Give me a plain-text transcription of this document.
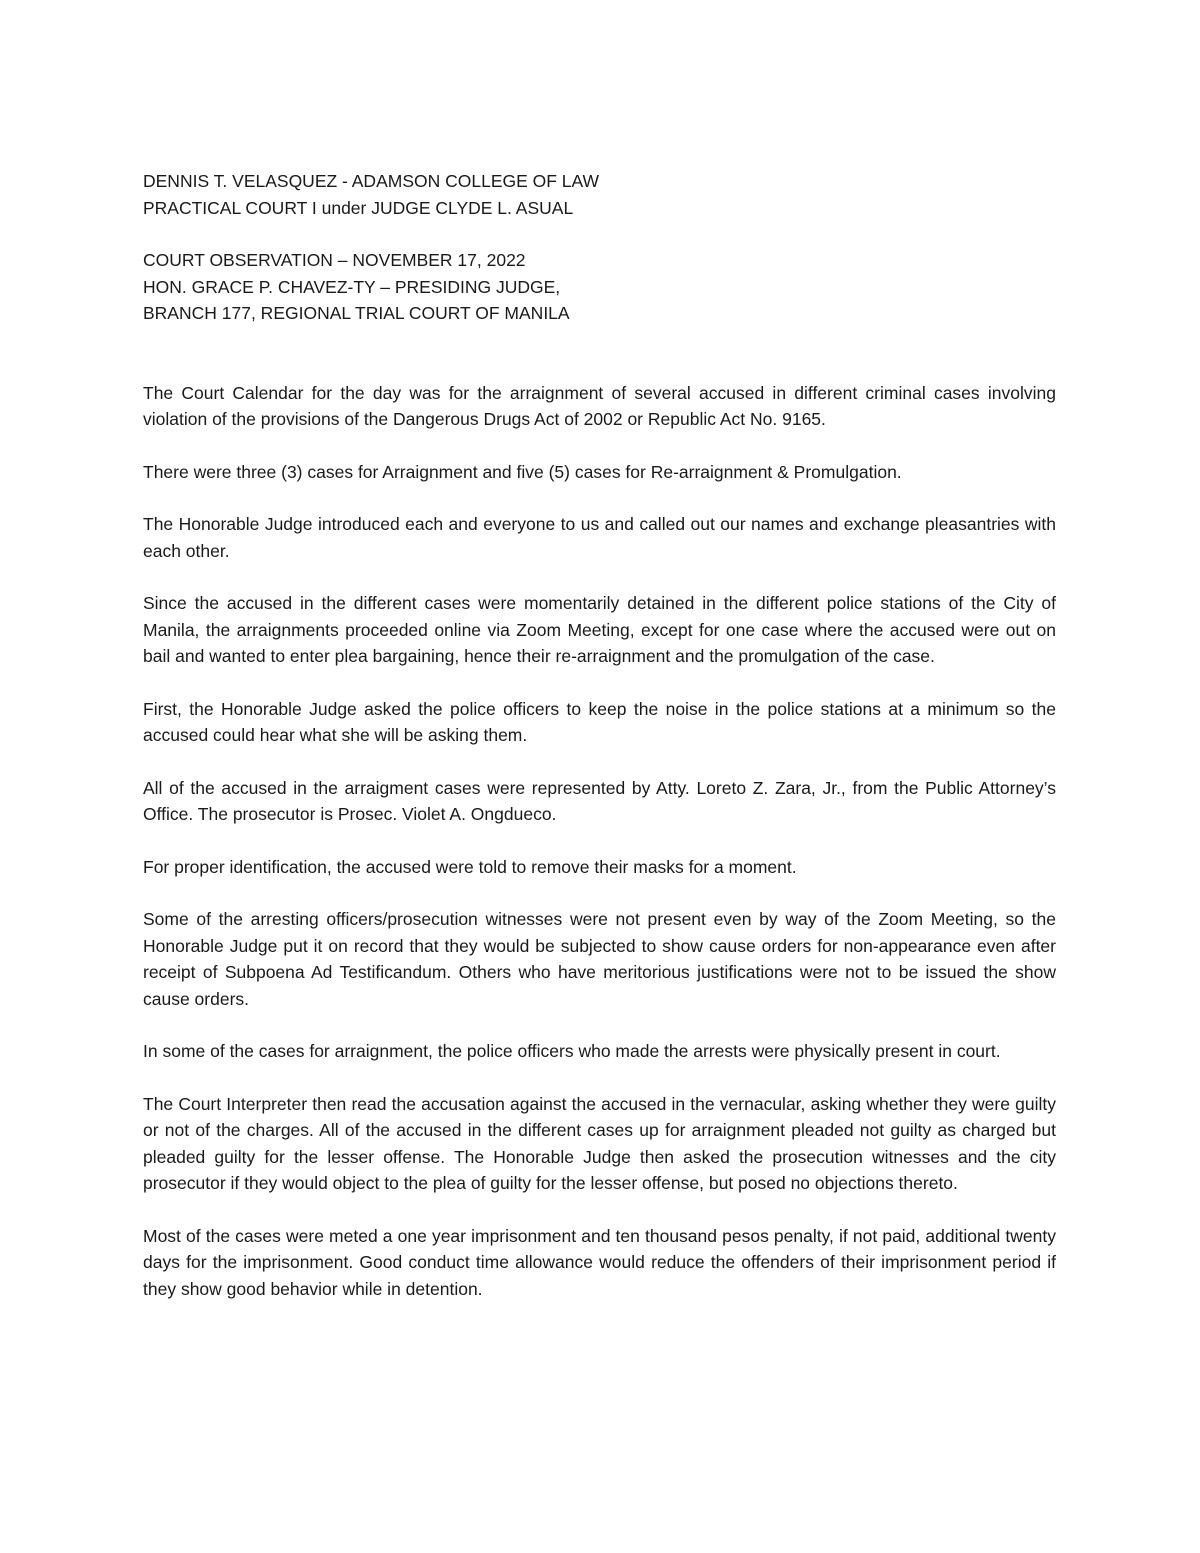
DENNIS T. VELASQUEZ - ADAMSON COLLEGE OF LAW

PRACTICAL COURT I under JUDGE CLYDE L. ASUAL

COURT OBSERVATION – NOVEMBER 17, 2022

HON. GRACE P. CHAVEZ-TY – PRESIDING JUDGE,

BRANCH 177, REGIONAL TRIAL COURT OF MANILA

The Court Calendar for the day was for the arraignment of several accused in different criminal cases involving violation of the provisions of the Dangerous Drugs Act of 2002 or Republic Act No. 9165.

There were three (3) cases for Arraignment and five (5) cases for Re-arraignment & Promulgation.

The Honorable Judge introduced each and everyone to us and called out our names and exchange pleasantries with each other.

Since the accused in the different cases were momentarily detained in the different police stations of the City of Manila, the arraignments proceeded online via Zoom Meeting, except for one case where the accused were out on bail and wanted to enter plea bargaining, hence their re-arraignment and the promulgation of the case.

First, the Honorable Judge asked the police officers to keep the noise in the police stations at a minimum so the accused could hear what she will be asking them.

All of the accused in the arraigment cases were represented by Atty. Loreto Z. Zara, Jr., from the Public Attorney’s Office. The prosecutor is Prosec. Violet A. Ongdueco.

For proper identification, the accused were told to remove their masks for a moment.

Some of the arresting officers/prosecution witnesses were not present even by way of the Zoom Meeting, so the Honorable Judge put it on record that they would be subjected to show cause orders for non-appearance even after receipt of Subpoena Ad Testificandum. Others who have meritorious justifications were not to be issued the show cause orders.

In some of the cases for arraignment, the police officers who made the arrests were physically present in court.

The Court Interpreter then read the accusation against the accused in the vernacular, asking whether they were guilty or not of the charges. All of the accused in the different cases up for arraignment pleaded not guilty as charged but pleaded guilty for the lesser offense. The Honorable Judge then asked the prosecution witnesses and the city prosecutor if they would object to the plea of guilty for the lesser offense, but posed no objections thereto.

Most of the cases were meted a one year imprisonment and ten thousand pesos penalty, if not paid, additional twenty days for the imprisonment. Good conduct time allowance would reduce the offenders of their imprisonment period if they show good behavior while in detention.
